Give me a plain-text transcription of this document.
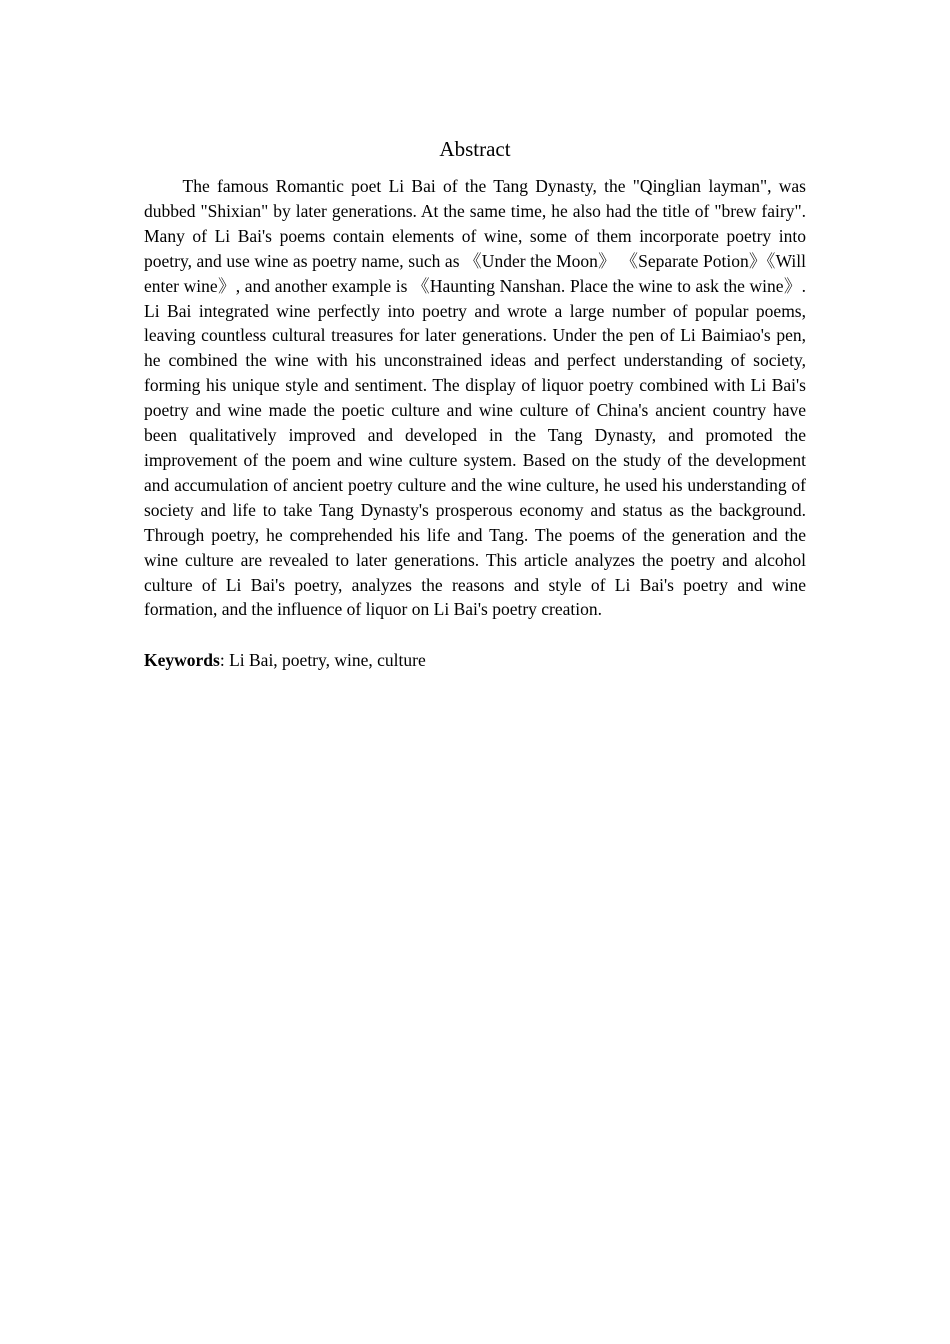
Abstract

The famous Romantic poet Li Bai of the Tang Dynasty, the "Qinglian layman", was dubbed "Shixian" by later generations. At the same time, he also had the title of "brew fairy". Many of Li Bai's poems contain elements of wine, some of them incorporate poetry into poetry, and use wine as poetry name, such as 《Under the Moon》 《Separate Potion》《Will enter wine》, and another example is 《Haunting Nanshan. Place the wine to ask the wine》. Li Bai integrated wine perfectly into poetry and wrote a large number of popular poems, leaving countless cultural treasures for later generations. Under the pen of Li Baimiao's pen, he combined the wine with his unconstrained ideas and perfect understanding of society, forming his unique style and sentiment. The display of liquor poetry combined with Li Bai's poetry and wine made the poetic culture and wine culture of China's ancient country have been qualitatively improved and developed in the Tang Dynasty, and promoted the improvement of the poem and wine culture system. Based on the study of the development and accumulation of ancient poetry culture and the wine culture, he used his understanding of society and life to take Tang Dynasty's prosperous economy and status as the background. Through poetry, he comprehended his life and Tang. The poems of the generation and the wine culture are revealed to later generations. This article analyzes the poetry and alcohol culture of Li Bai's poetry, analyzes the reasons and style of Li Bai's poetry and wine formation, and the influence of liquor on Li Bai's poetry creation.

Keywords: Li Bai, poetry, wine, culture
